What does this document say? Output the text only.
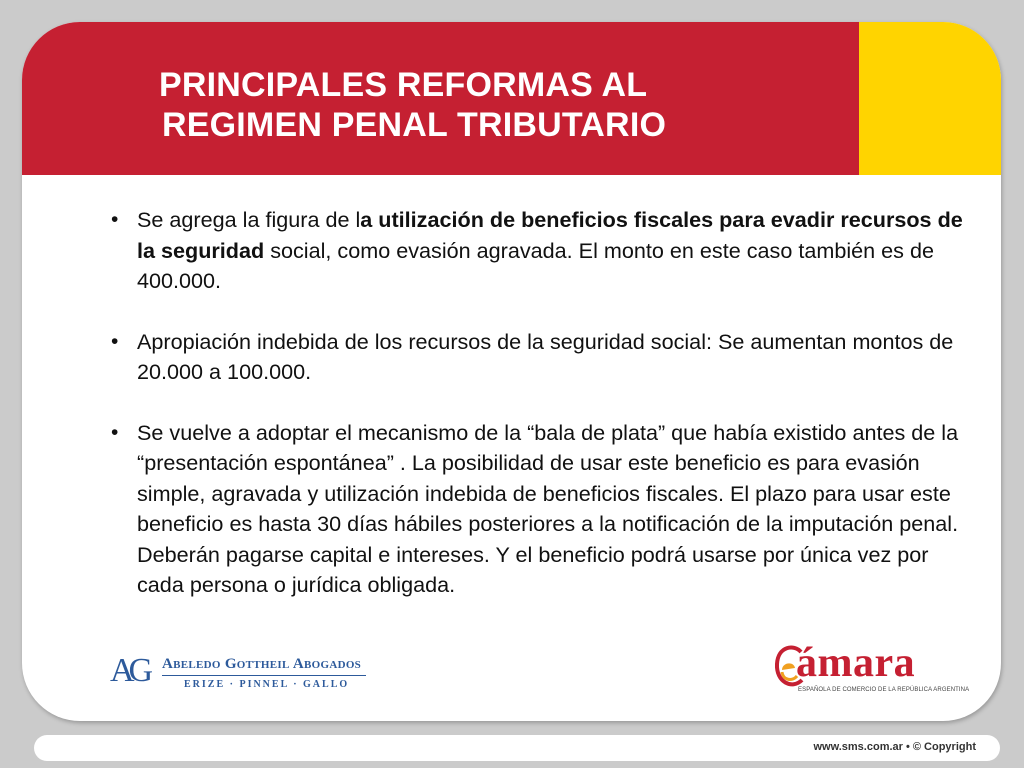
PRINCIPALES REFORMAS AL
REGIMEN PENAL TRIBUTARIO
• Se agrega la figura de la utilización de beneficios fiscales para evadir recursos de la seguridad social, como evasión agravada. El monto en este caso también es de 400.000.
• Apropiación indebida de los recursos de la seguridad social: Se aumentan montos de 20.000 a 100.000.
• Se vuelve a adoptar el mecanismo de la “bala de plata” que había existido antes de la “presentación espontánea” . La posibilidad de usar este beneficio es para evasión simple, agravada y utilización indebida de beneficios fiscales. El plazo para usar este beneficio es hasta 30 días hábiles posteriores a la notificación de la imputación penal. Deberán pagarse capital e intereses. Y el beneficio podrá usarse por única vez por cada persona o jurídica obligada.
AG Abeledo Gottheil Abogados
ERIZE · PINNEL · GALLO	ámara
ESPAÑOLA DE COMERCIO DE LA REPÚBLICA ARGENTINA
www.sms.com.ar • © Copyright
